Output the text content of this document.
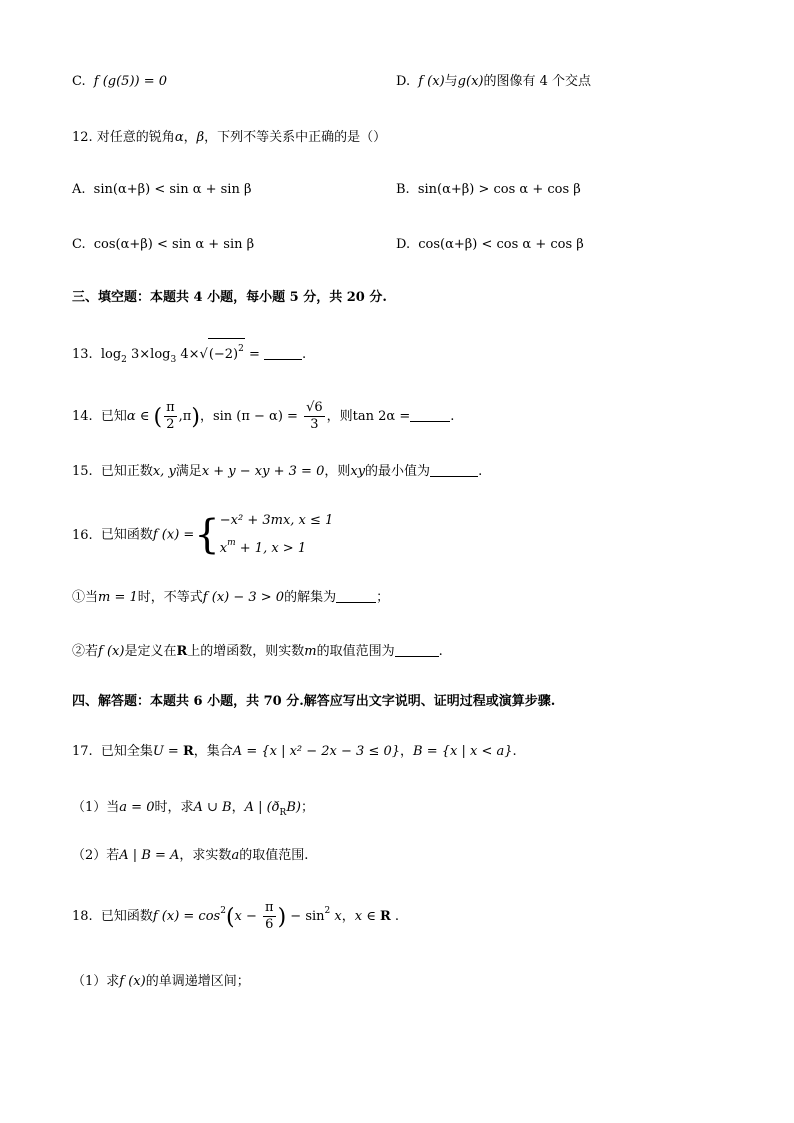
C. f (g(5)) = 0	D. f (x)与g(x)的图像有 4 个交点
12. 对任意的锐角α，β，下列不等关系中正确的是（）
A. sin(α+β) < sin α + sin β	B. sin(α+β) > cos α + cos β
C. cos(α+β) < sin α + sin β	D. cos(α+β) < cos α + cos β
三、填空题：本题共 4 小题，每小题 5 分，共 20 分.
13. $\log_2 3\times\log_3$ $4\times√(-2)^2$ =	.
14. 已知α ∈ ( $\frac{\pi}{2} ,\pi$)，$\sin (\pi - \alpha) = \frac{√6}{3}$ ，则tan 2α =	.
15. 已知正数x, y满足x + y − xy + 3 = 0，则xy的最小值为	.
16. 已知函数f (x) ={ −x² + 3mx, x ≤ 1
$x^m + 1$, x > 1
①当m = 1时，不等式f (x) − 3 > 0的解集为	；
②若f (x)是定义在R上的增函数，则实数m的取值范围为	.
四、解答题：本题共 6 小题，共 70 分.解答应写出文字说明、证明过程或演算步骤.
17. 已知全集U = R，集合A = {x | x² − 2x − 3 ≤ 0}，B = {x | x < a}.
（1）当a = 0时，求A ∪ B，A | $(ð_RB)$；
（2）若A | B = A，求实数a的取值范围.
18. 已知函数f $(x) = \cos^2(x - \frac{\pi}{6}$ ) − $\sin^2 x$，x ∈ R .
（1）求f (x)的单调递增区间；
